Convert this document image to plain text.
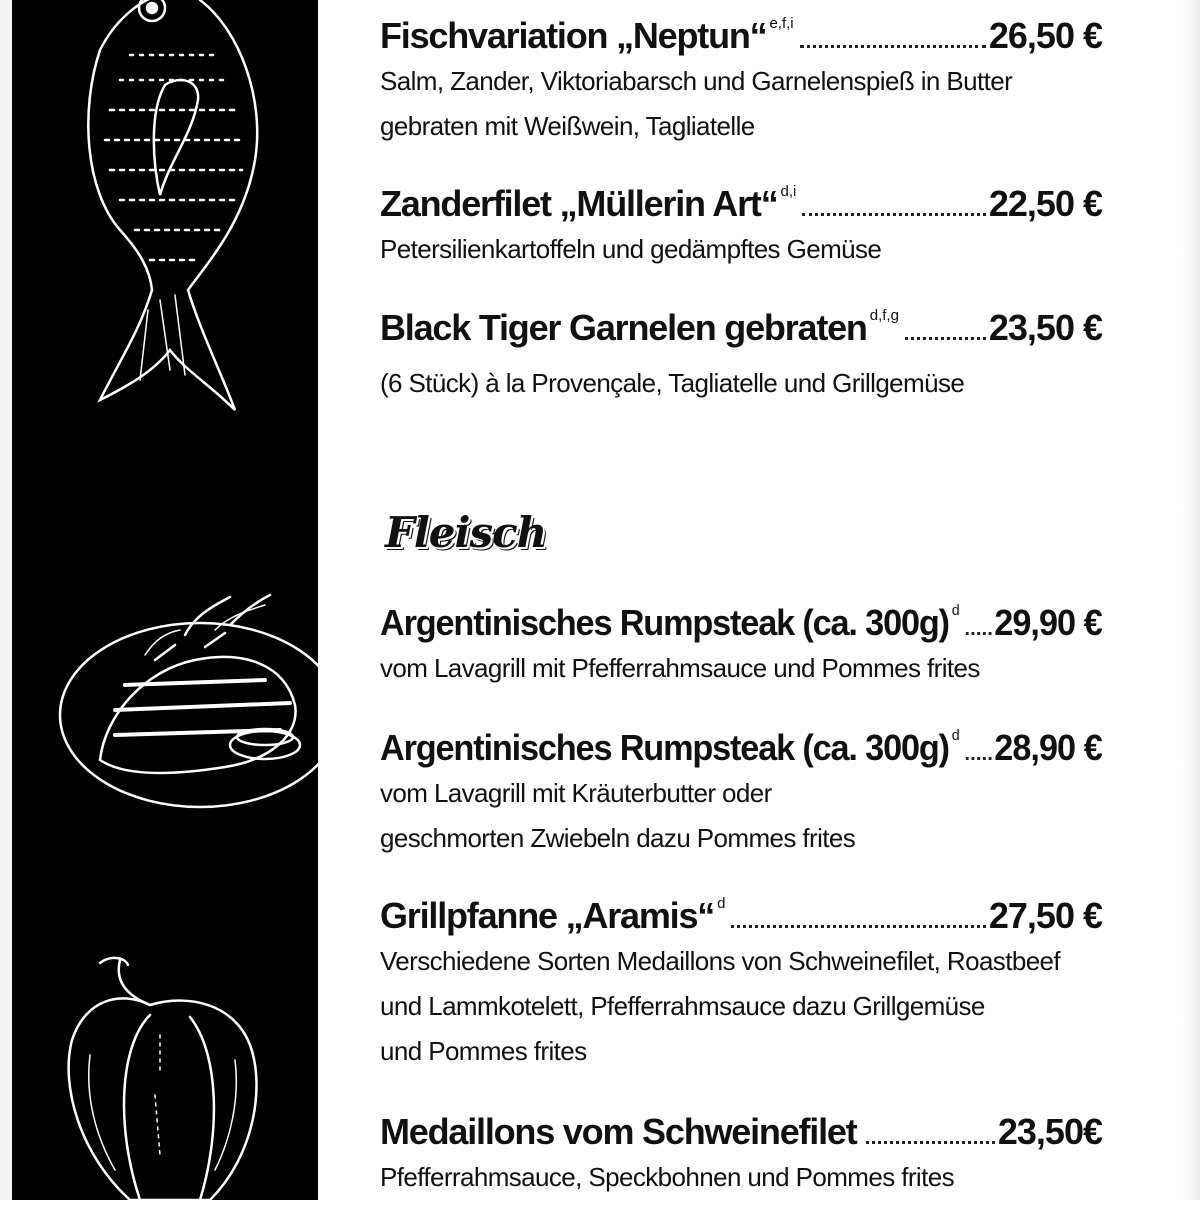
Fleisch
Fischvariation „Neptun“ e,f,i	26,50 €
Salm, Zander, Viktoriabarsch und Garnelenspieß in Butter
gebraten mit Weißwein, Tagliatelle
Zanderfilet „Müllerin Art“ d,i	22,50 €
Petersilienkartoffeln und gedämpftes Gemüse
Black Tiger Garnelen gebraten d,f,g 23,50 €
(6 Stück) à la Provençale, Tagliatelle und Grillgemüse
Argentinisches Rumpsteak (ca. 300g) d 29,90 €
vom Lavagrill mit Pfefferrahmsauce und Pommes frites
Argentinisches Rumpsteak (ca. 300g) d 28,90 €
vom Lavagrill mit Kräuterbutter oder
geschmorten Zwiebeln dazu Pommes frites
Grillpfanne „Aramis“ d	27,50 €
Verschiedene Sorten Medaillons von Schweinefilet, Roastbeef
und Lammkotelett, Pfefferrahmsauce dazu Grillgemüse
und Pommes frites
Medaillons vom Schweinefilet	23,50€
Pfefferrahmsauce, Speckbohnen und Pommes frites
